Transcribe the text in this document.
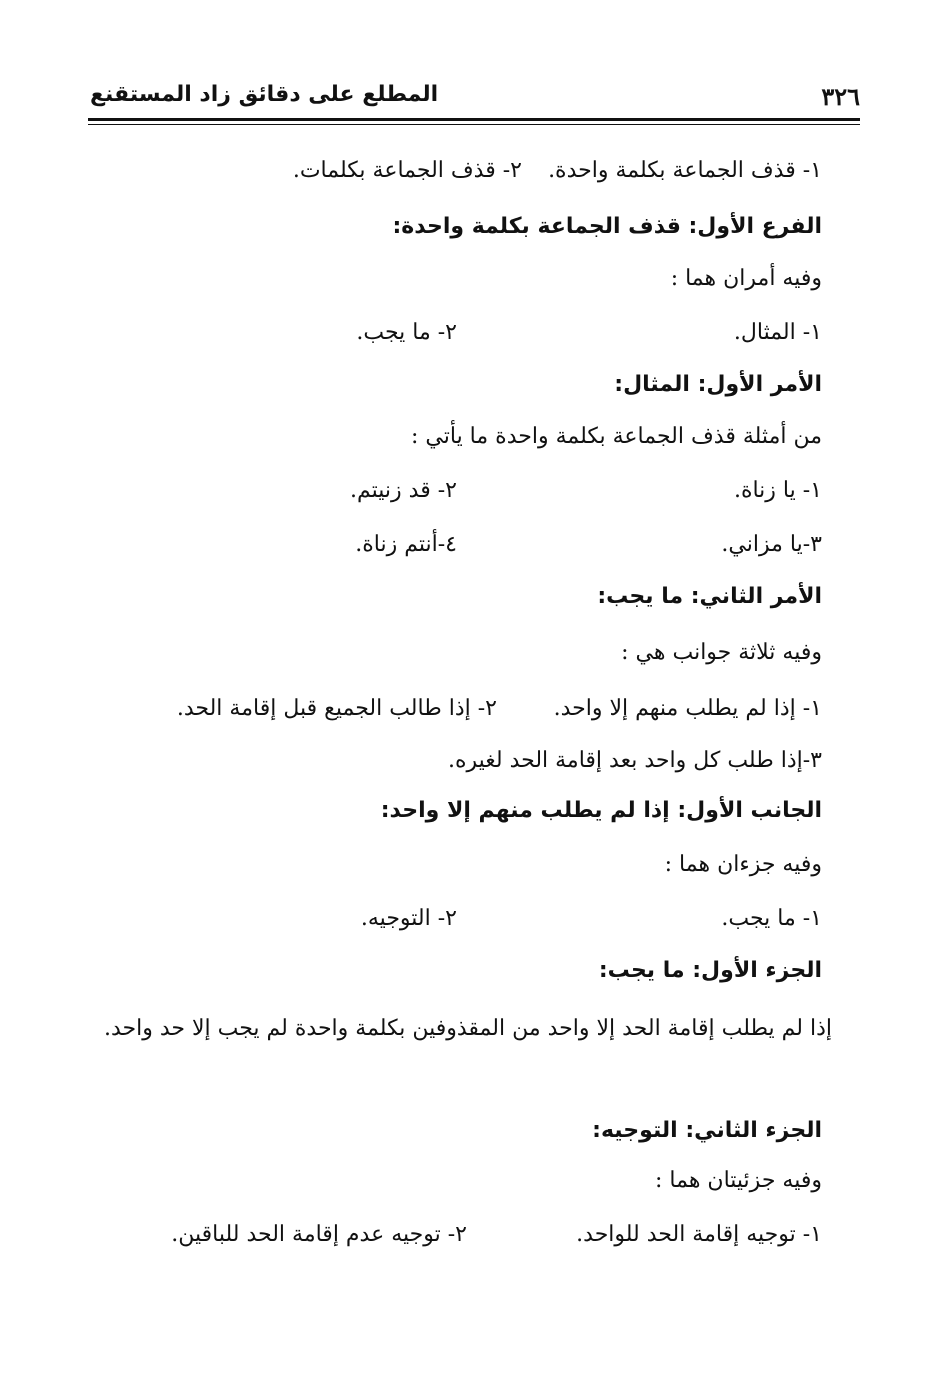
٣٢٦
المطلع على دقائق زاد المستقنع
١- قذف الجماعة بكلمة واحدة.
٢- قذف الجماعة بكلمات.
الفرع الأول: قذف الجماعة بكلمة واحدة:
وفيه أمران هما :
١- المثال.
٢- ما يجب.
الأمر الأول: المثال:
من أمثلة قذف الجماعة بكلمة واحدة ما يأتي :
١- يا زناة.
٢- قد زنيتم.
٣-يا مزاني.
٤-أنتم زناة.
الأمر الثاني: ما يجب:
وفيه ثلاثة جوانب هي :
١- إذا لم يطلب منهم إلا واحد.
٢- إذا طالب الجميع قبل إقامة الحد.
٣-إذا طلب كل واحد بعد إقامة الحد لغيره.
الجانب الأول: إذا لم يطلب منهم إلا واحد:
وفيه جزءان هما :
١- ما يجب.
٢- التوجيه.
الجزء الأول: ما يجب:
إذا لم يطلب إقامة الحد إلا واحد من المقذوفين بكلمة واحدة لم يجب إلا حد واحد.
الجزء الثاني: التوجيه:
وفيه جزئيتان هما :
١- توجيه إقامة الحد للواحد.
٢- توجيه عدم إقامة الحد للباقين.
